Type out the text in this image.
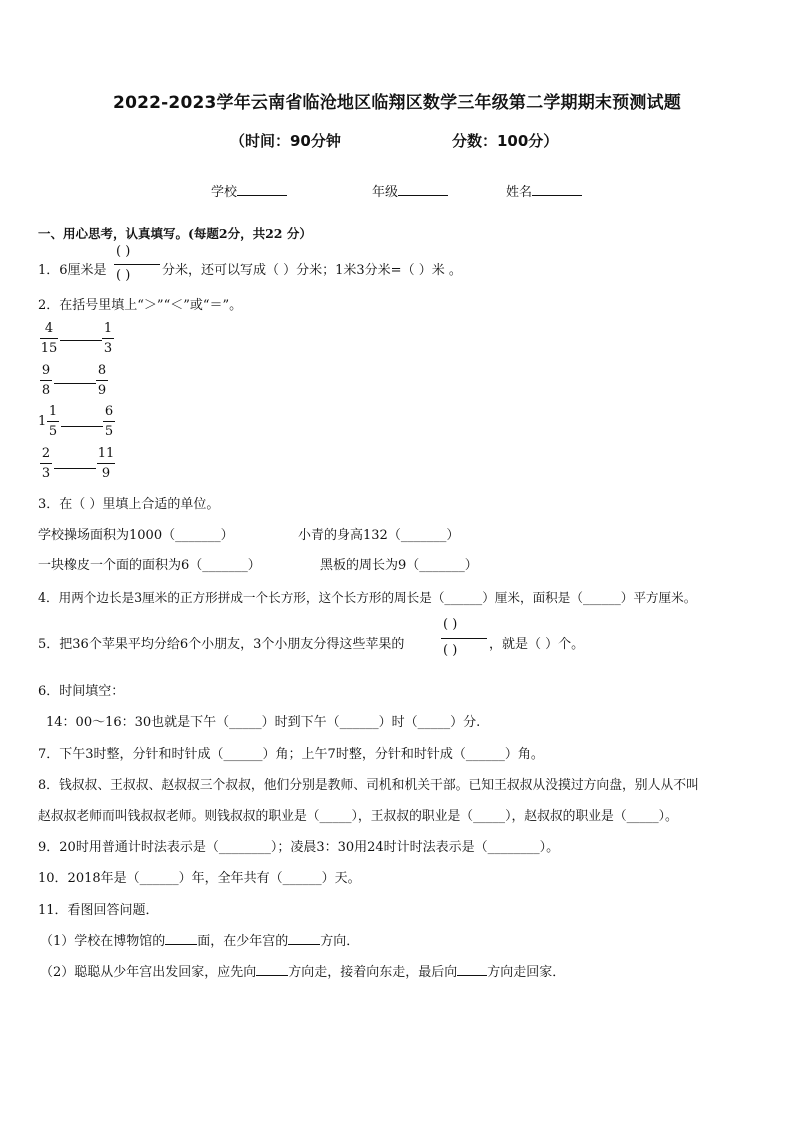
2022-2023学年云南省临沧地区临翔区数学三年级第二学期期末预测试题
（时间：90分钟	分数：100分）
学校	年级	姓名
一、用心思考，认真填写。(每题2分，共22 分）
1．6厘米是
( )
( ) 分米，还可以写成（ ）分米；1米3分米=（ ）米 。
2．在括号里填上“＞”“＜”或“＝”。
$\frac{4}{15}$	$\frac{1}{3}$
$\frac{9}{8}$	$\frac{8}{9}$
$1 \frac{1}{5}$	$\frac{6}{5}$
$\frac{2}{3}$	$\frac{11}{9}$
3．在（ ）里填上合适的单位。
学校操场面积为1000（_______）	小青的身高132（_______）
一块橡皮一个面的面积为6（_______）	黑板的周长为9（_______）
4．用两个边长是3厘米的正方形拼成一个长方形，这个长方形的周长是（______）厘米，面积是（______）平方厘米。
5．把36个苹果平均分给6个小朋友，3个小朋友分得这些苹果的
( )
( ) ，就是（ ）个。
6．时间填空：
14：00～16：30也就是下午（_____）时到下午（______）时（_____）分.
7．下午3时整，分针和时针成（______）角；上午7时整，分针和时针成（______）角。
8．钱叔叔、王叔叔、赵叔叔三个叔叔，他们分别是教师、司机和机关干部。已知王叔叔从没摸过方向盘，别人从不叫
赵叔叔老师而叫钱叔叔老师。则钱叔叔的职业是（_____），王叔叔的职业是（_____），赵叔叔的职业是（_____）。
9．20时用普通计时法表示是（________）；凌晨3：30用24时计时法表示是（________）。
10．2018年是（______）年，全年共有（______）天。
11．看图回答问题．
（1）学校在博物馆的 面，在少年宫的 方向．
（2）聪聪从少年宫出发回家，应先向 方向走，接着向东走，最后向 方向走回家．
